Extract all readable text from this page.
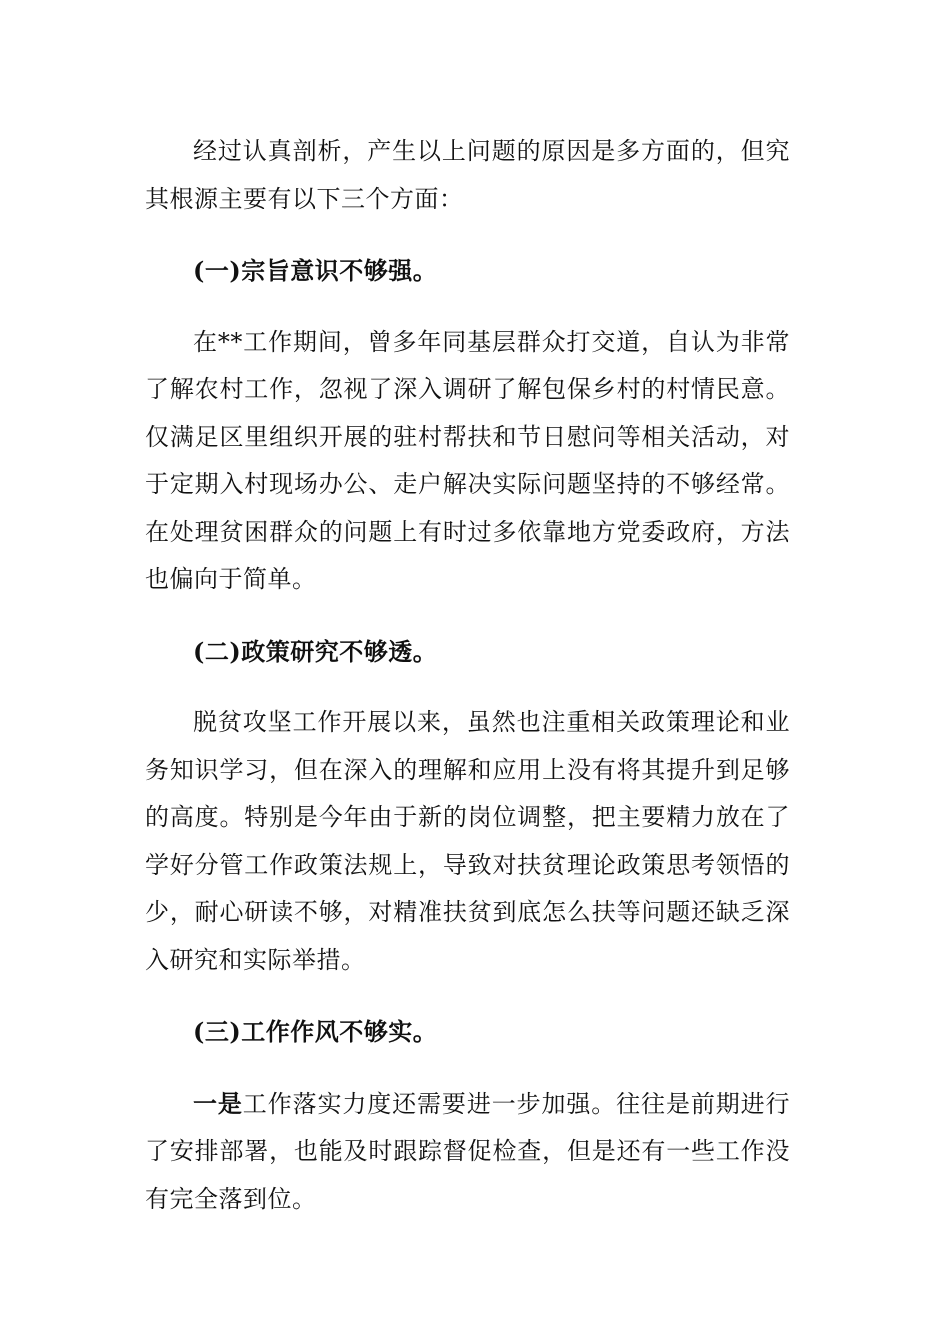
经过认真剖析，产生以上问题的原因是多方面的，但究其根源主要有以下三个方面：

(一)宗旨意识不够强。

在**工作期间，曾多年同基层群众打交道，自认为非常了解农村工作，忽视了深入调研了解包保乡村的村情民意。仅满足区里组织开展的驻村帮扶和节日慰问等相关活动，对于定期入村现场办公、走户解决实际问题坚持的不够经常。在处理贫困群众的问题上有时过多依靠地方党委政府，方法也偏向于简单。

(二)政策研究不够透。

脱贫攻坚工作开展以来，虽然也注重相关政策理论和业务知识学习，但在深入的理解和应用上没有将其提升到足够的高度。特别是今年由于新的岗位调整，把主要精力放在了学好分管工作政策法规上，导致对扶贫理论政策思考领悟的少，耐心研读不够，对精准扶贫到底怎么扶等问题还缺乏深入研究和实际举措。

(三)工作作风不够实。

一是工作落实力度还需要进一步加强。往往是前期进行了安排部署，也能及时跟踪督促检查，但是还有一些工作没有完全落到位。
